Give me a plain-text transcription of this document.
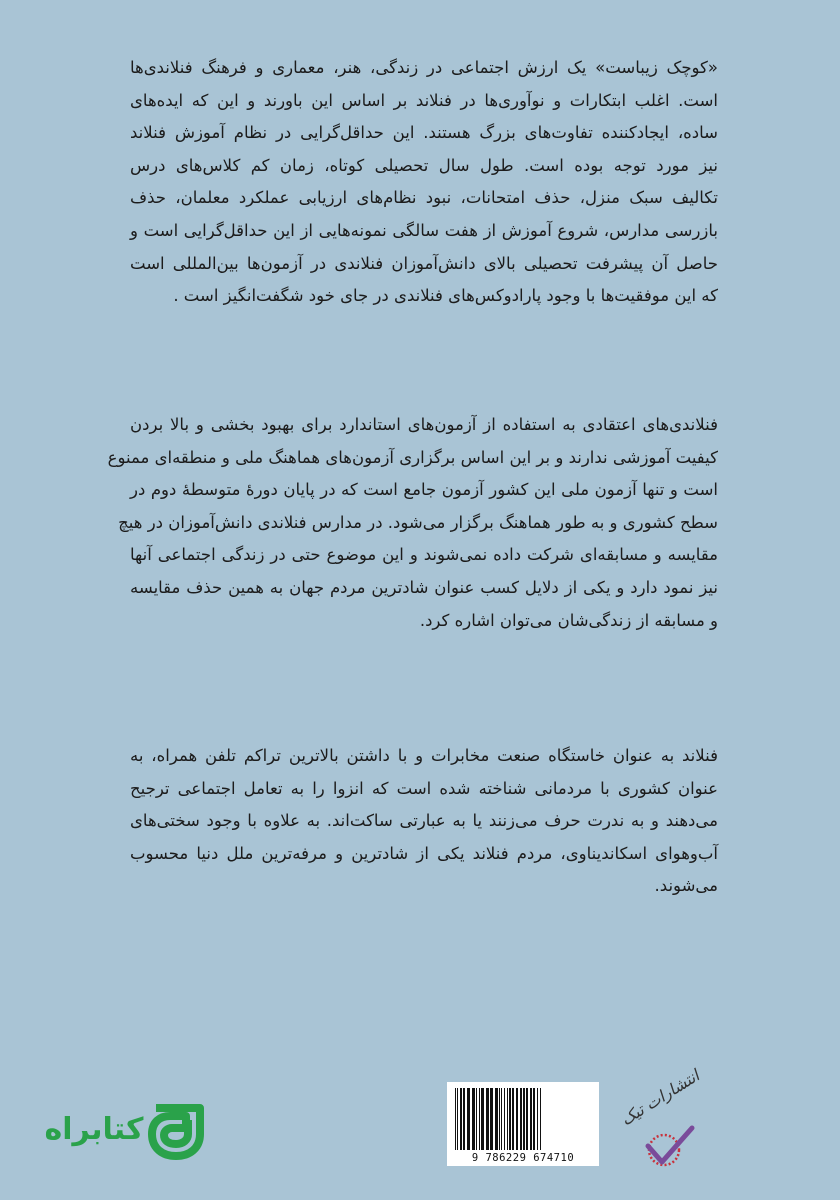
«کوچک زیباست» یک ارزش اجتماعی در زندگی، هنر، معماری و فرهنگ فنلاندی‌ها
است. اغلب ابتکارات و نوآوری‌ها در فنلاند بر اساس این باورند و این که ایده‌های
ساده، ایجادکننده تفاوت‌های بزرگ هستند. این حداقل‌گرایی در نظام آموزش فنلاند
نیز مورد توجه بوده است. طول سال تحصیلی کوتاه، زمان کم کلاس‌های درس
تکالیف سبک منزل، حذف امتحانات، نبود نظام‌های ارزیابی عملکرد معلمان، حذف
بازرسی مدارس، شروع آموزش از هفت سالگی نمونه‌هایی از این حداقل‌گرایی است و
حاصل آن پیشرفت تحصیلی بالای دانش‌آموزان فنلاندی در آزمون‌ها بین‌المللی است
که این موفقیت‌ها با وجود پارادوکس‌های فنلاندی در جای خود شگفت‌انگیز است .
فنلاندی‌های اعتقادی به استفاده از آزمون‌های استاندارد برای بهبود بخشی و بالا بردن
کیفیت آموزشی ندارند و بر این اساس برگزاری آزمون‌های هماهنگ ملی و منطقه‌ای ممنوع
است و تنها آزمون ملی این کشور آزمون جامع است که در پایان دورهٔ متوسطهٔ دوم در
سطح کشوری و به طور هماهنگ برگزار می‌شود. در مدارس فنلاندی دانش‌آموزان در هیچ
مقایسه و مسابقه‌ای شرکت داده نمی‌شوند و این موضوع حتی در زندگی اجتماعی آنها
نیز نمود دارد و یکی از دلایل کسب عنوان شادترین مردم جهان به همین حذف مقایسه
و مسابقه از زندگی‌شان می‌توان اشاره کرد.
فنلاند به عنوان خاستگاه صنعت مخابرات و با داشتن بالاترین تراکم تلفن همراه، به
عنوان کشوری با مردمانی شناخته شده است که انزوا را به تعامل اجتماعی ترجیح
می‌دهند و به ندرت حرف می‌زنند یا به عبارتی ساکت‌اند. به علاوه با وجود سختی‌های
آب‌وهوای اسکاندیناوی، مردم فنلاند یکی از شادترین و مرفه‌ترین ملل دنیا محسوب
می‌شوند.
9 786229 674710
انتشارات تیک
کتابراه
